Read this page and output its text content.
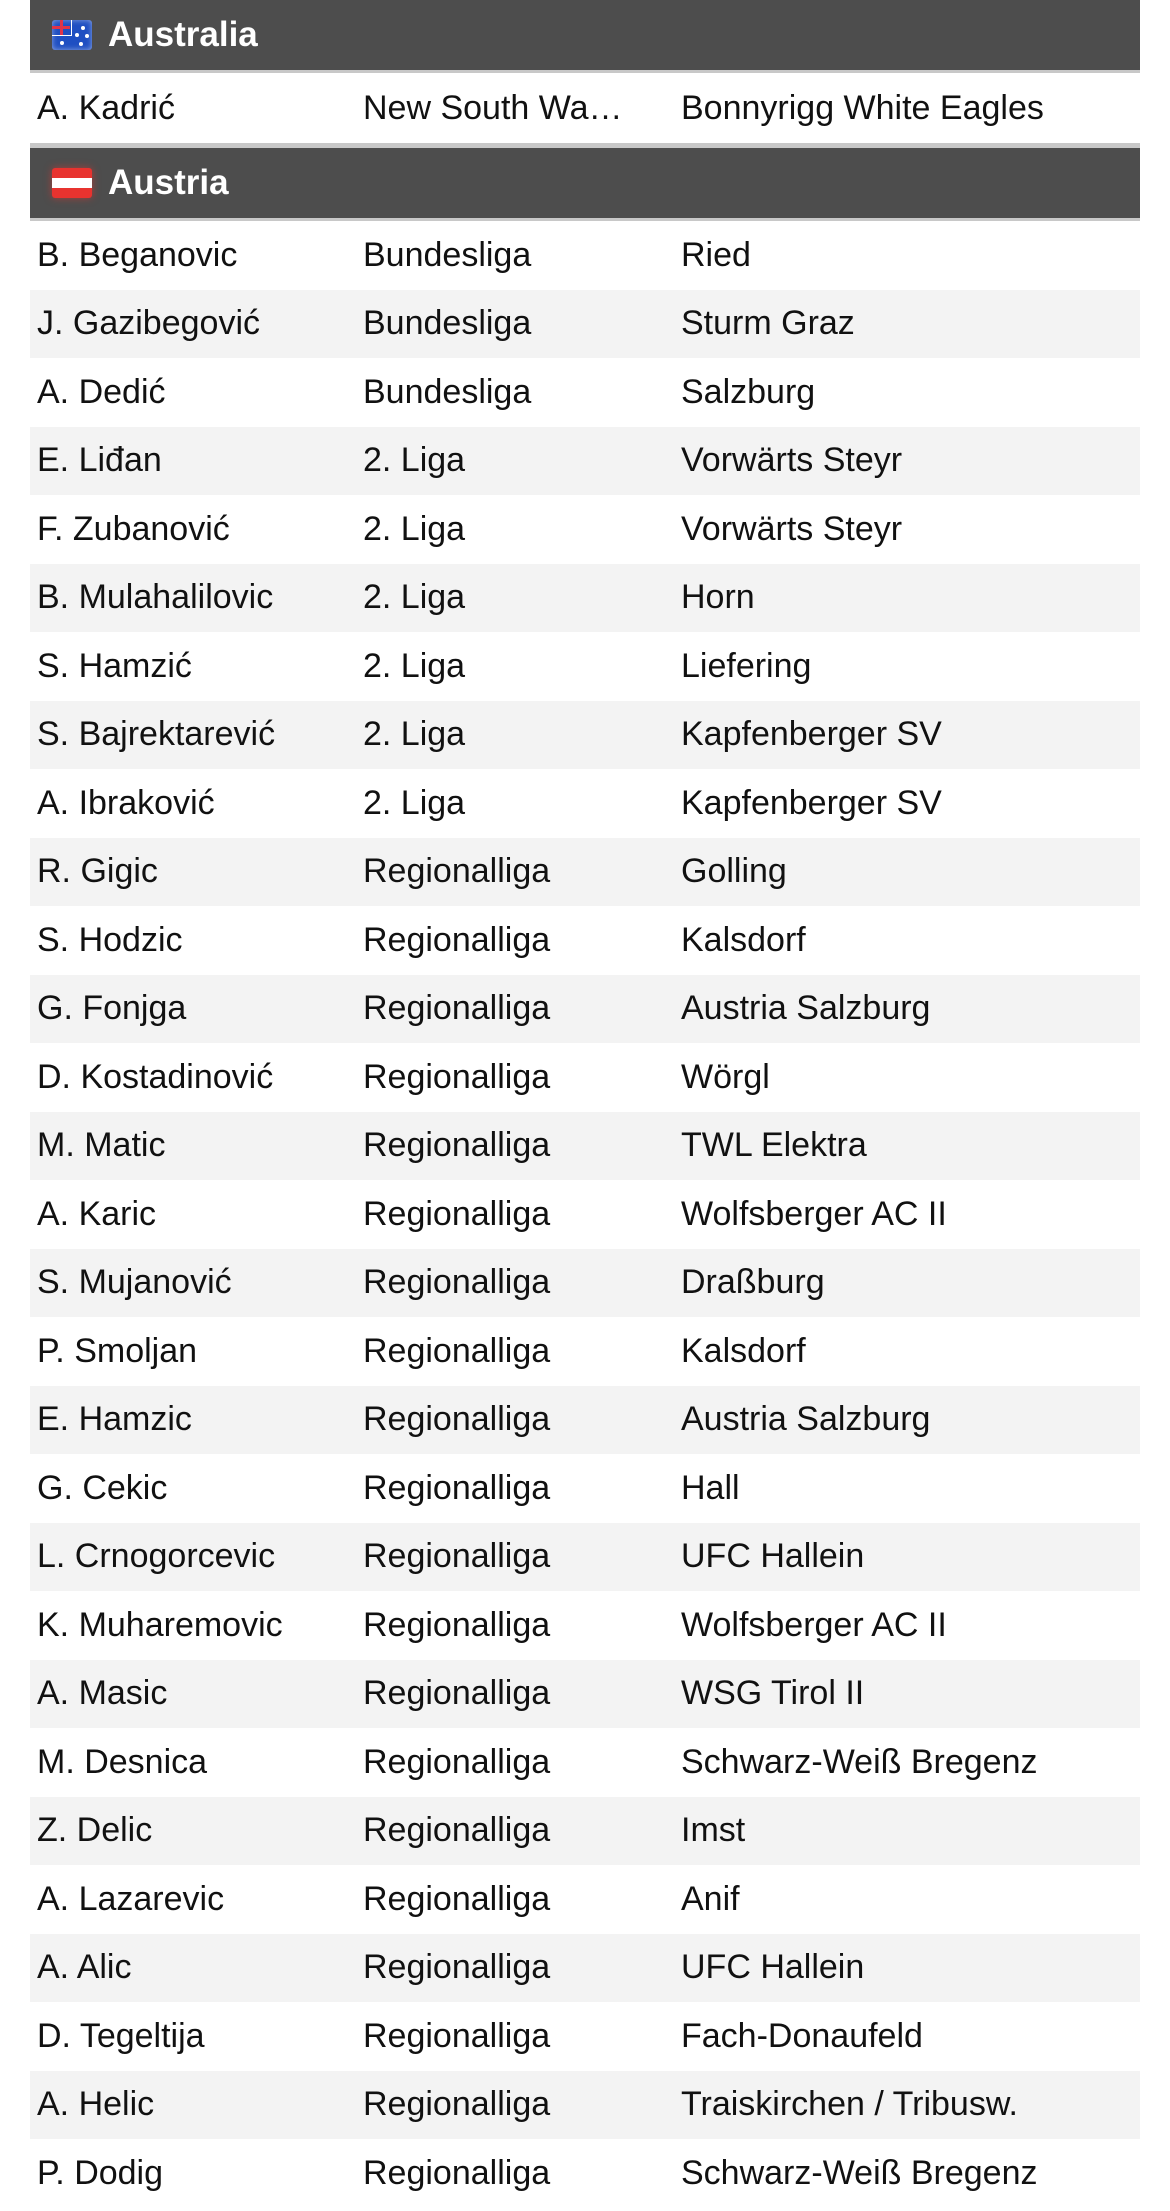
Australia
A. Kadrić	New South Wa…	Bonnyrigg White Eagles
Austria
B. Beganovic	Bundesliga	Ried
J. Gazibegović	Bundesliga	Sturm Graz
A. Dedić	Bundesliga	Salzburg
E. Liđan	2. Liga	Vorwärts Steyr
F. Zubanović	2. Liga	Vorwärts Steyr
B. Mulahalilovic	2. Liga	Horn
S. Hamzić	2. Liga	Liefering
S. Bajrektarević	2. Liga	Kapfenberger SV
A. Ibraković	2. Liga	Kapfenberger SV
R. Gigic	Regionalliga	Golling
S. Hodzic	Regionalliga	Kalsdorf
G. Fonjga	Regionalliga	Austria Salzburg
D. Kostadinović	Regionalliga	Wörgl
M. Matic	Regionalliga	TWL Elektra
A. Karic	Regionalliga	Wolfsberger AC II
S. Mujanović	Regionalliga	Draßburg
P. Smoljan	Regionalliga	Kalsdorf
E. Hamzic	Regionalliga	Austria Salzburg
G. Cekic	Regionalliga	Hall
L. Crnogorcevic	Regionalliga	UFC Hallein
K. Muharemovic	Regionalliga	Wolfsberger AC II
A. Masic	Regionalliga	WSG Tirol II
M. Desnica	Regionalliga	Schwarz-Weiß Bregenz
Z. Delic	Regionalliga	Imst
A. Lazarevic	Regionalliga	Anif
A. Alic	Regionalliga	UFC Hallein
D. Tegeltija	Regionalliga	Fach-Donaufeld
A. Helic	Regionalliga	Traiskirchen / Tribusw.
P. Dodig	Regionalliga	Schwarz-Weiß Bregenz
